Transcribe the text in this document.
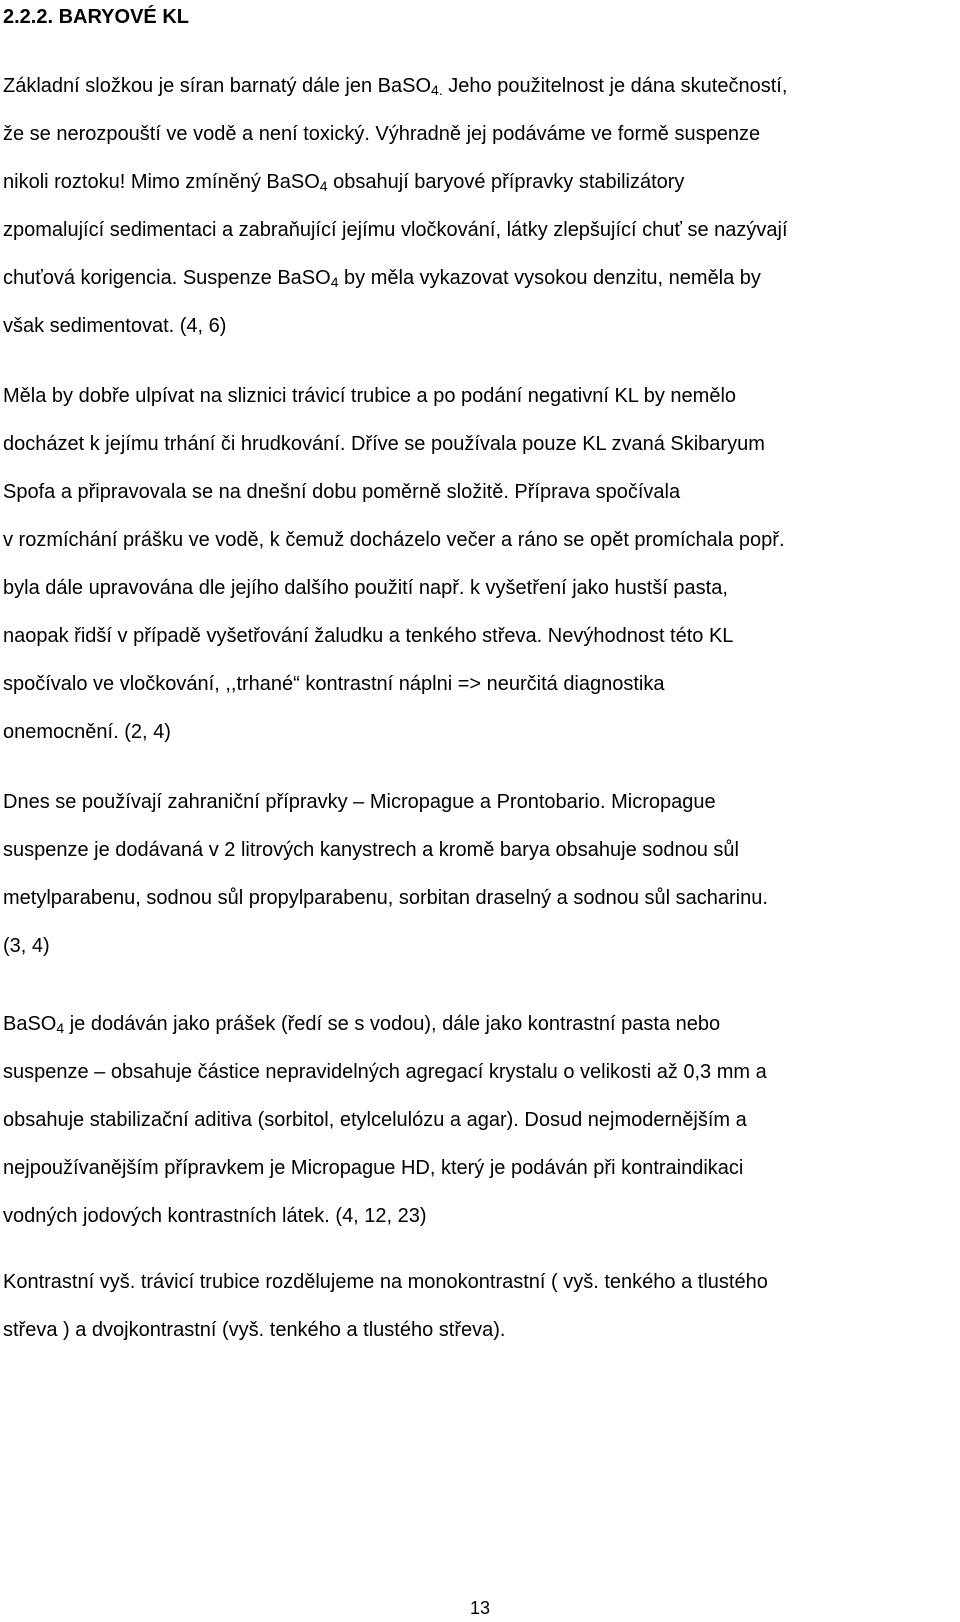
2.2.2. BARYOVÉ KL
Základní složkou je síran barnatý dále jen BaSO$_{4.}$ Jeho použitelnost je dána skutečností,
že se nerozpouští ve vodě a není toxický. Výhradně jej podáváme ve formě suspenze
nikoli roztoku! Mimo zmíněný BaSO$_4$ obsahují baryové přípravky stabilizátory
zpomalující sedimentaci a zabraňující jejímu vločkování, látky zlepšující chuť se nazývají
chuťová korigencia. Suspenze BaSO$_4$ by měla vykazovat vysokou denzitu, neměla by
však sedimentovat. (4, 6)
Měla by dobře ulpívat na sliznici trávicí trubice a po podání negativní KL by nemělo
docházet k jejímu trhání či hrudkování. Dříve se používala pouze KL zvaná Skibaryum
Spofa a připravovala se na dnešní dobu poměrně složitě. Příprava spočívala
v rozmíchání prášku ve vodě, k čemuž docházelo večer a ráno se opět promíchala popř.
byla dále upravována dle jejího dalšího použití např. k vyšetření jako hustší pasta,
naopak řidší v případě vyšetřování žaludku a tenkého střeva. Nevýhodnost této KL
spočívalo ve vločkování, ,,trhané“ kontrastní náplni => neurčitá diagnostika
onemocnění. (2, 4)
Dnes se používají zahraniční přípravky – Micropague a Prontobario. Micropague
suspenze je dodávaná v 2 litrových kanystrech a kromě barya obsahuje sodnou sůl
metylparabenu, sodnou sůl propylparabenu, sorbitan draselný a sodnou sůl sacharinu.
(3, 4)
BaSO$_4$ je dodáván jako prášek (ředí se s vodou), dále jako kontrastní pasta nebo
suspenze – obsahuje částice nepravidelných agregací krystalu o velikosti až 0,3 mm a
obsahuje stabilizační aditiva (sorbitol, etylcelulózu a agar). Dosud nejmodernějším a
nejpoužívanějším přípravkem je Micropague HD, který je podáván při kontraindikaci
vodných jodových kontrastních látek. (4, 12, 23)
Kontrastní vyš. trávicí trubice rozdělujeme na monokontrastní ( vyš. tenkého a tlustého
střeva ) a dvojkontrastní (vyš. tenkého a tlustého střeva).
13
